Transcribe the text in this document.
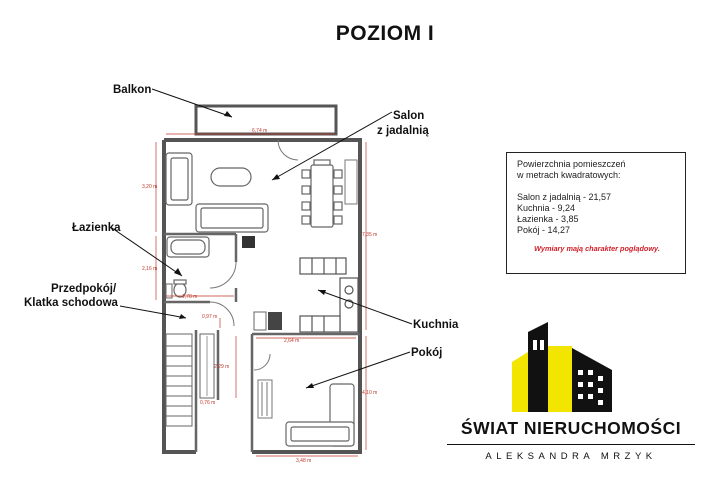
POZIOM I
6,74 m
3,20 m
7,35 m
2,16 m
1,78 m
0,97 m
2,64 m
2,29 m
0,76 m
4,10 m
3,48 m
Balkon
Salon
z jadalnią
Łazienka
Przedpokój/
Klatka schodowa
Kuchnia
Pokój
Powierzchnia pomieszczeń
w metrach kwadratowych:
Salon z jadalnią - 21,57
Kuchnia - 9,24
Łazienka - 3,85
Pokój - 14,27
Wymiary mają charakter poglądowy.
ŚWIAT NIERUCHOMOŚCI
ALEKSANDRA MRZYK
